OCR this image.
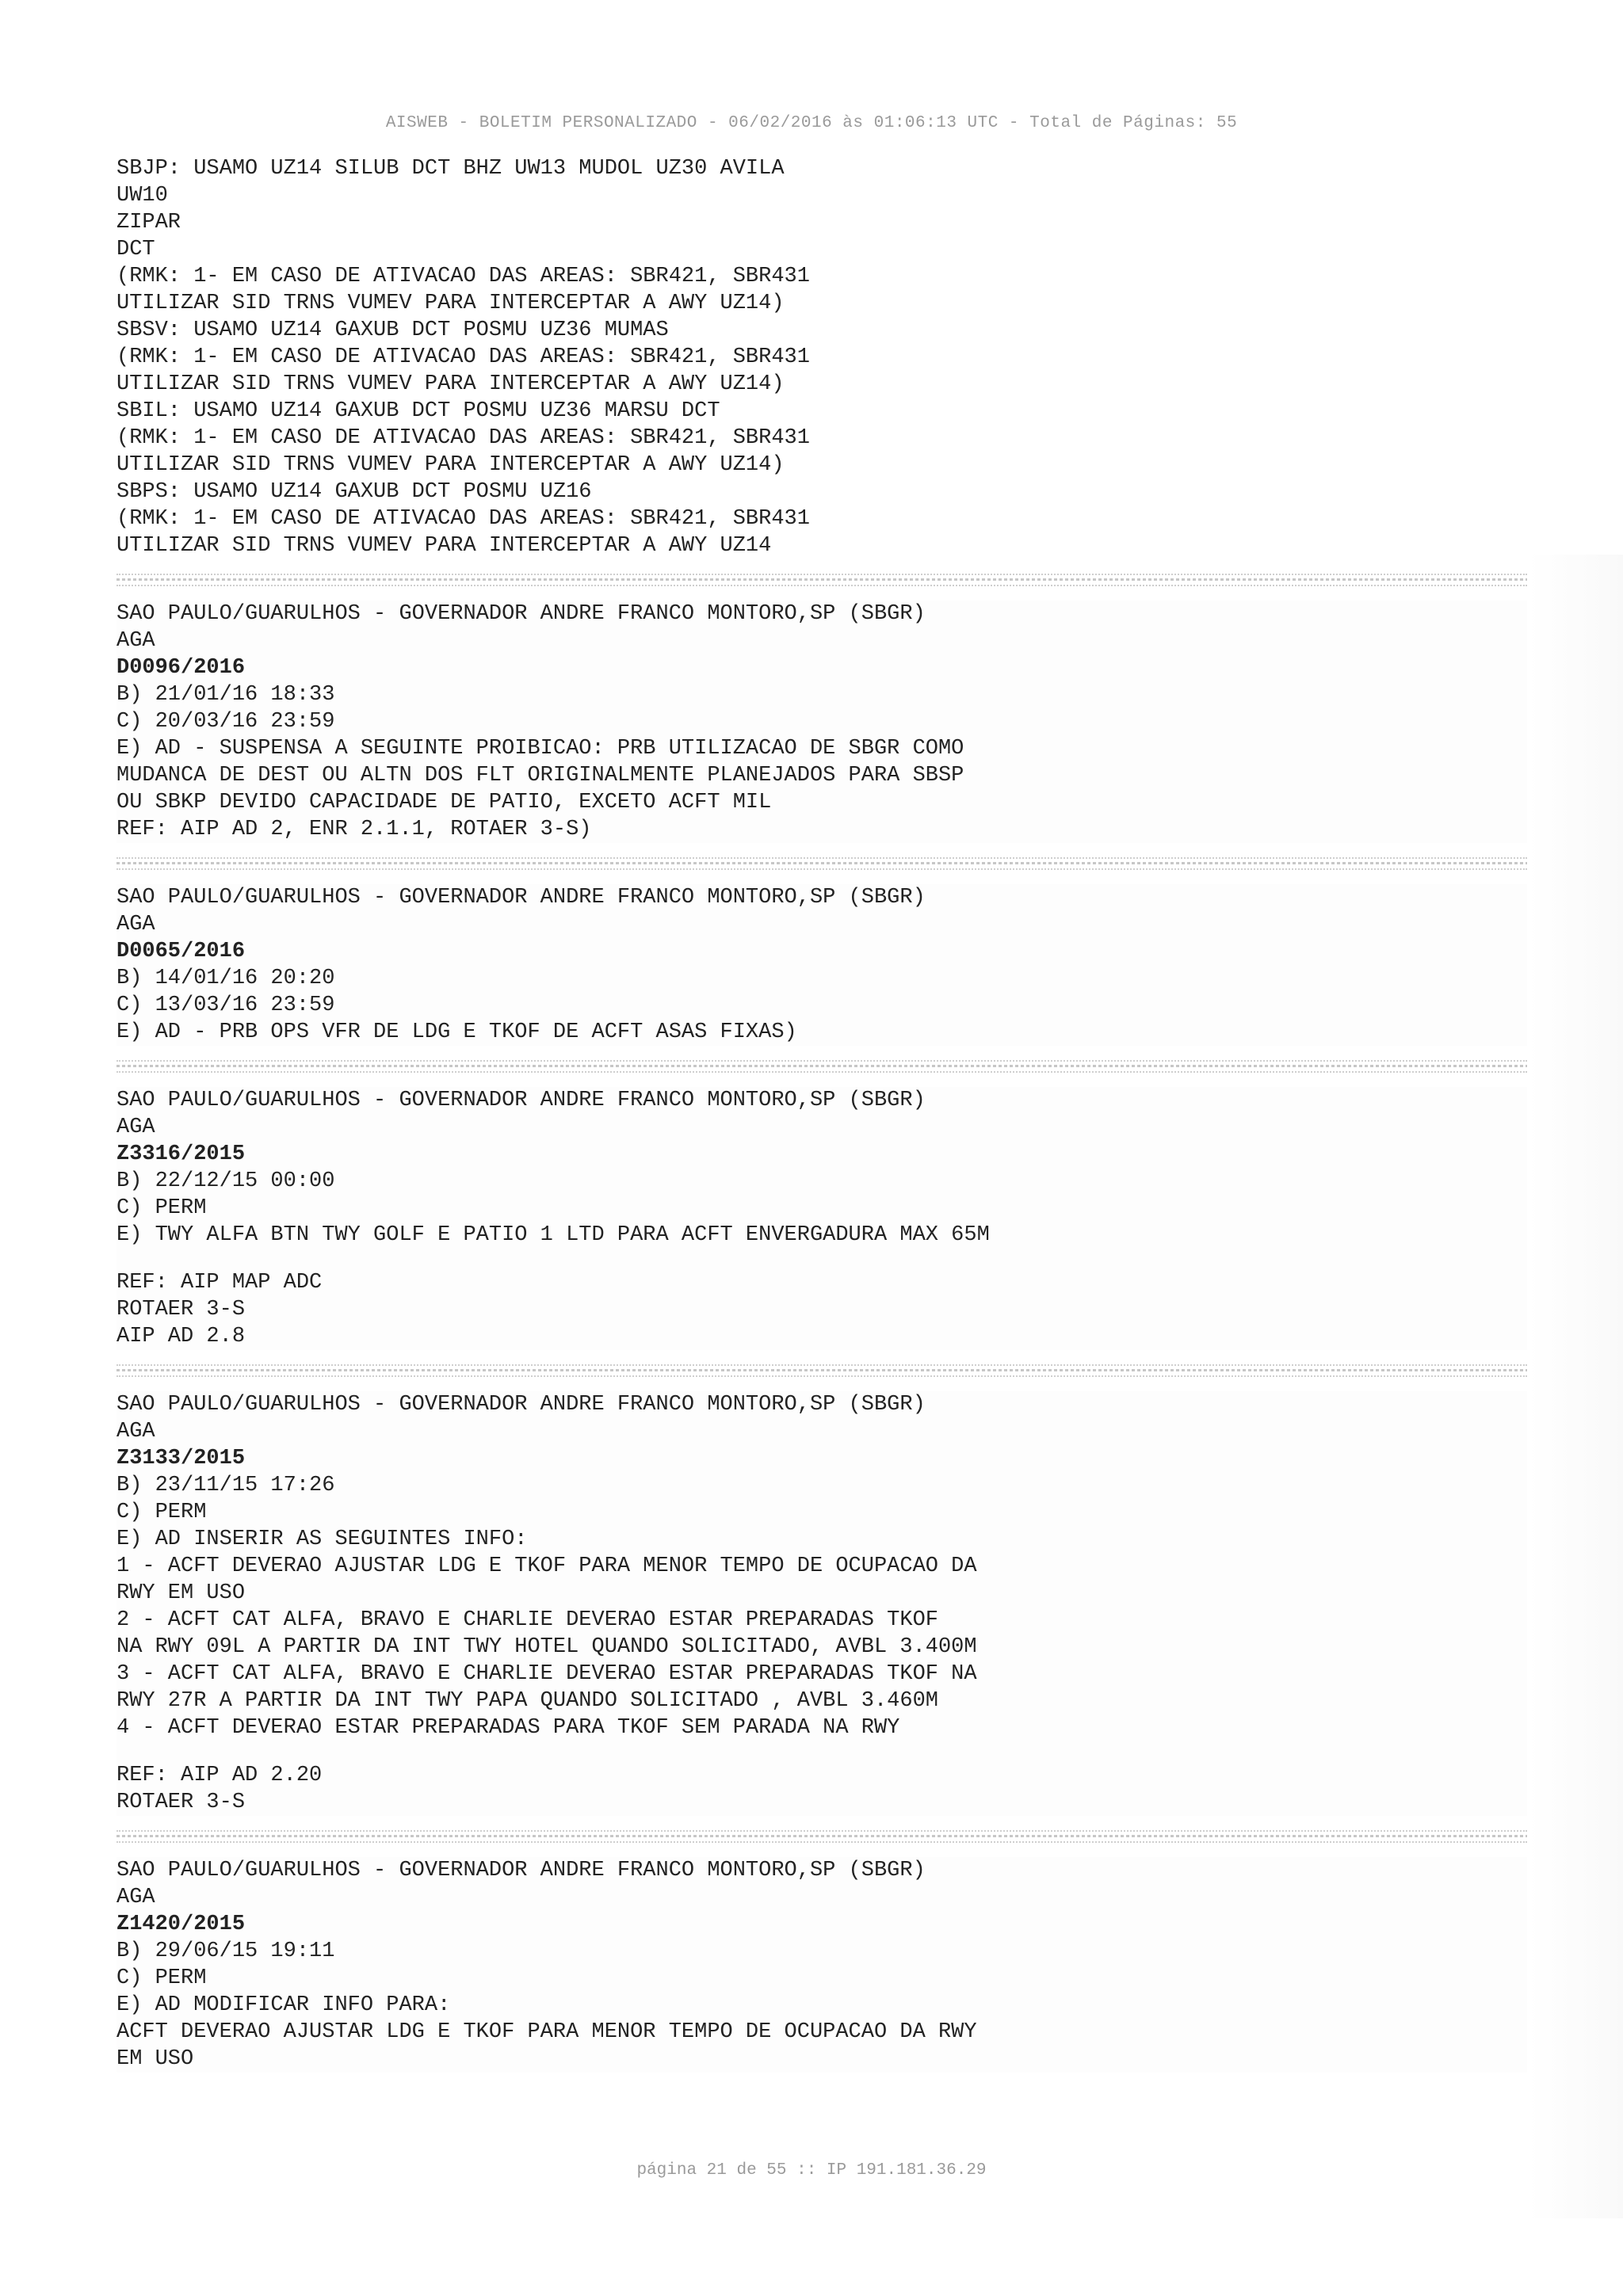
AISWEB - BOLETIM PERSONALIZADO - 06/02/2016 às 01:06:13 UTC - Total de Páginas: 55
SBJP: USAMO UZ14 SILUB DCT BHZ UW13 MUDOL UZ30 AVILA
UW10
ZIPAR
DCT
(RMK: 1- EM CASO DE ATIVACAO DAS AREAS: SBR421, SBR431
UTILIZAR SID TRNS VUMEV PARA INTERCEPTAR A AWY UZ14)
SBSV: USAMO UZ14 GAXUB DCT POSMU UZ36 MUMAS
(RMK: 1- EM CASO DE ATIVACAO DAS AREAS: SBR421, SBR431
UTILIZAR SID TRNS VUMEV PARA INTERCEPTAR A AWY UZ14)
SBIL: USAMO UZ14 GAXUB DCT POSMU UZ36 MARSU DCT
(RMK: 1- EM CASO DE ATIVACAO DAS AREAS: SBR421, SBR431
UTILIZAR SID TRNS VUMEV PARA INTERCEPTAR A AWY UZ14)
SBPS: USAMO UZ14 GAXUB DCT POSMU UZ16
(RMK: 1- EM CASO DE ATIVACAO DAS AREAS: SBR421, SBR431
UTILIZAR SID TRNS VUMEV PARA INTERCEPTAR A AWY UZ14
SAO PAULO/GUARULHOS - GOVERNADOR ANDRE FRANCO MONTORO,SP (SBGR)
AGA
D0096/2016
B) 21/01/16 18:33
C) 20/03/16 23:59
E) AD - SUSPENSA A SEGUINTE PROIBICAO: PRB UTILIZACAO DE SBGR COMO
MUDANCA DE DEST OU ALTN DOS FLT ORIGINALMENTE PLANEJADOS PARA SBSP
OU SBKP DEVIDO CAPACIDADE DE PATIO, EXCETO ACFT MIL
REF: AIP AD 2, ENR 2.1.1, ROTAER 3-S)
SAO PAULO/GUARULHOS - GOVERNADOR ANDRE FRANCO MONTORO,SP (SBGR)
AGA
D0065/2016
B) 14/01/16 20:20
C) 13/03/16 23:59
E) AD - PRB OPS VFR DE LDG E TKOF DE ACFT ASAS FIXAS)
SAO PAULO/GUARULHOS - GOVERNADOR ANDRE FRANCO MONTORO,SP (SBGR)
AGA
Z3316/2015
B) 22/12/15 00:00
C) PERM
E) TWY ALFA BTN TWY GOLF E PATIO 1 LTD PARA ACFT ENVERGADURA MAX 65M
REF: AIP MAP ADC
ROTAER 3-S
AIP AD 2.8
SAO PAULO/GUARULHOS - GOVERNADOR ANDRE FRANCO MONTORO,SP (SBGR)
AGA
Z3133/2015
B) 23/11/15 17:26
C) PERM
E) AD INSERIR AS SEGUINTES INFO:
1 - ACFT DEVERAO AJUSTAR LDG E TKOF PARA MENOR TEMPO DE OCUPACAO DA
RWY EM USO
2 - ACFT CAT ALFA, BRAVO E CHARLIE DEVERAO ESTAR PREPARADAS TKOF
NA RWY 09L A PARTIR DA INT TWY HOTEL QUANDO SOLICITADO, AVBL 3.400M
3 - ACFT CAT ALFA, BRAVO E CHARLIE DEVERAO ESTAR PREPARADAS TKOF NA
RWY 27R A PARTIR DA INT TWY PAPA QUANDO SOLICITADO , AVBL 3.460M
4 - ACFT DEVERAO ESTAR PREPARADAS PARA TKOF SEM PARADA NA RWY
REF: AIP AD 2.20
ROTAER 3-S
SAO PAULO/GUARULHOS - GOVERNADOR ANDRE FRANCO MONTORO,SP (SBGR)
AGA
Z1420/2015
B) 29/06/15 19:11
C) PERM
E) AD MODIFICAR INFO PARA:
ACFT DEVERAO AJUSTAR LDG E TKOF PARA MENOR TEMPO DE OCUPACAO DA RWY
EM USO
página 21 de 55 :: IP 191.181.36.29
